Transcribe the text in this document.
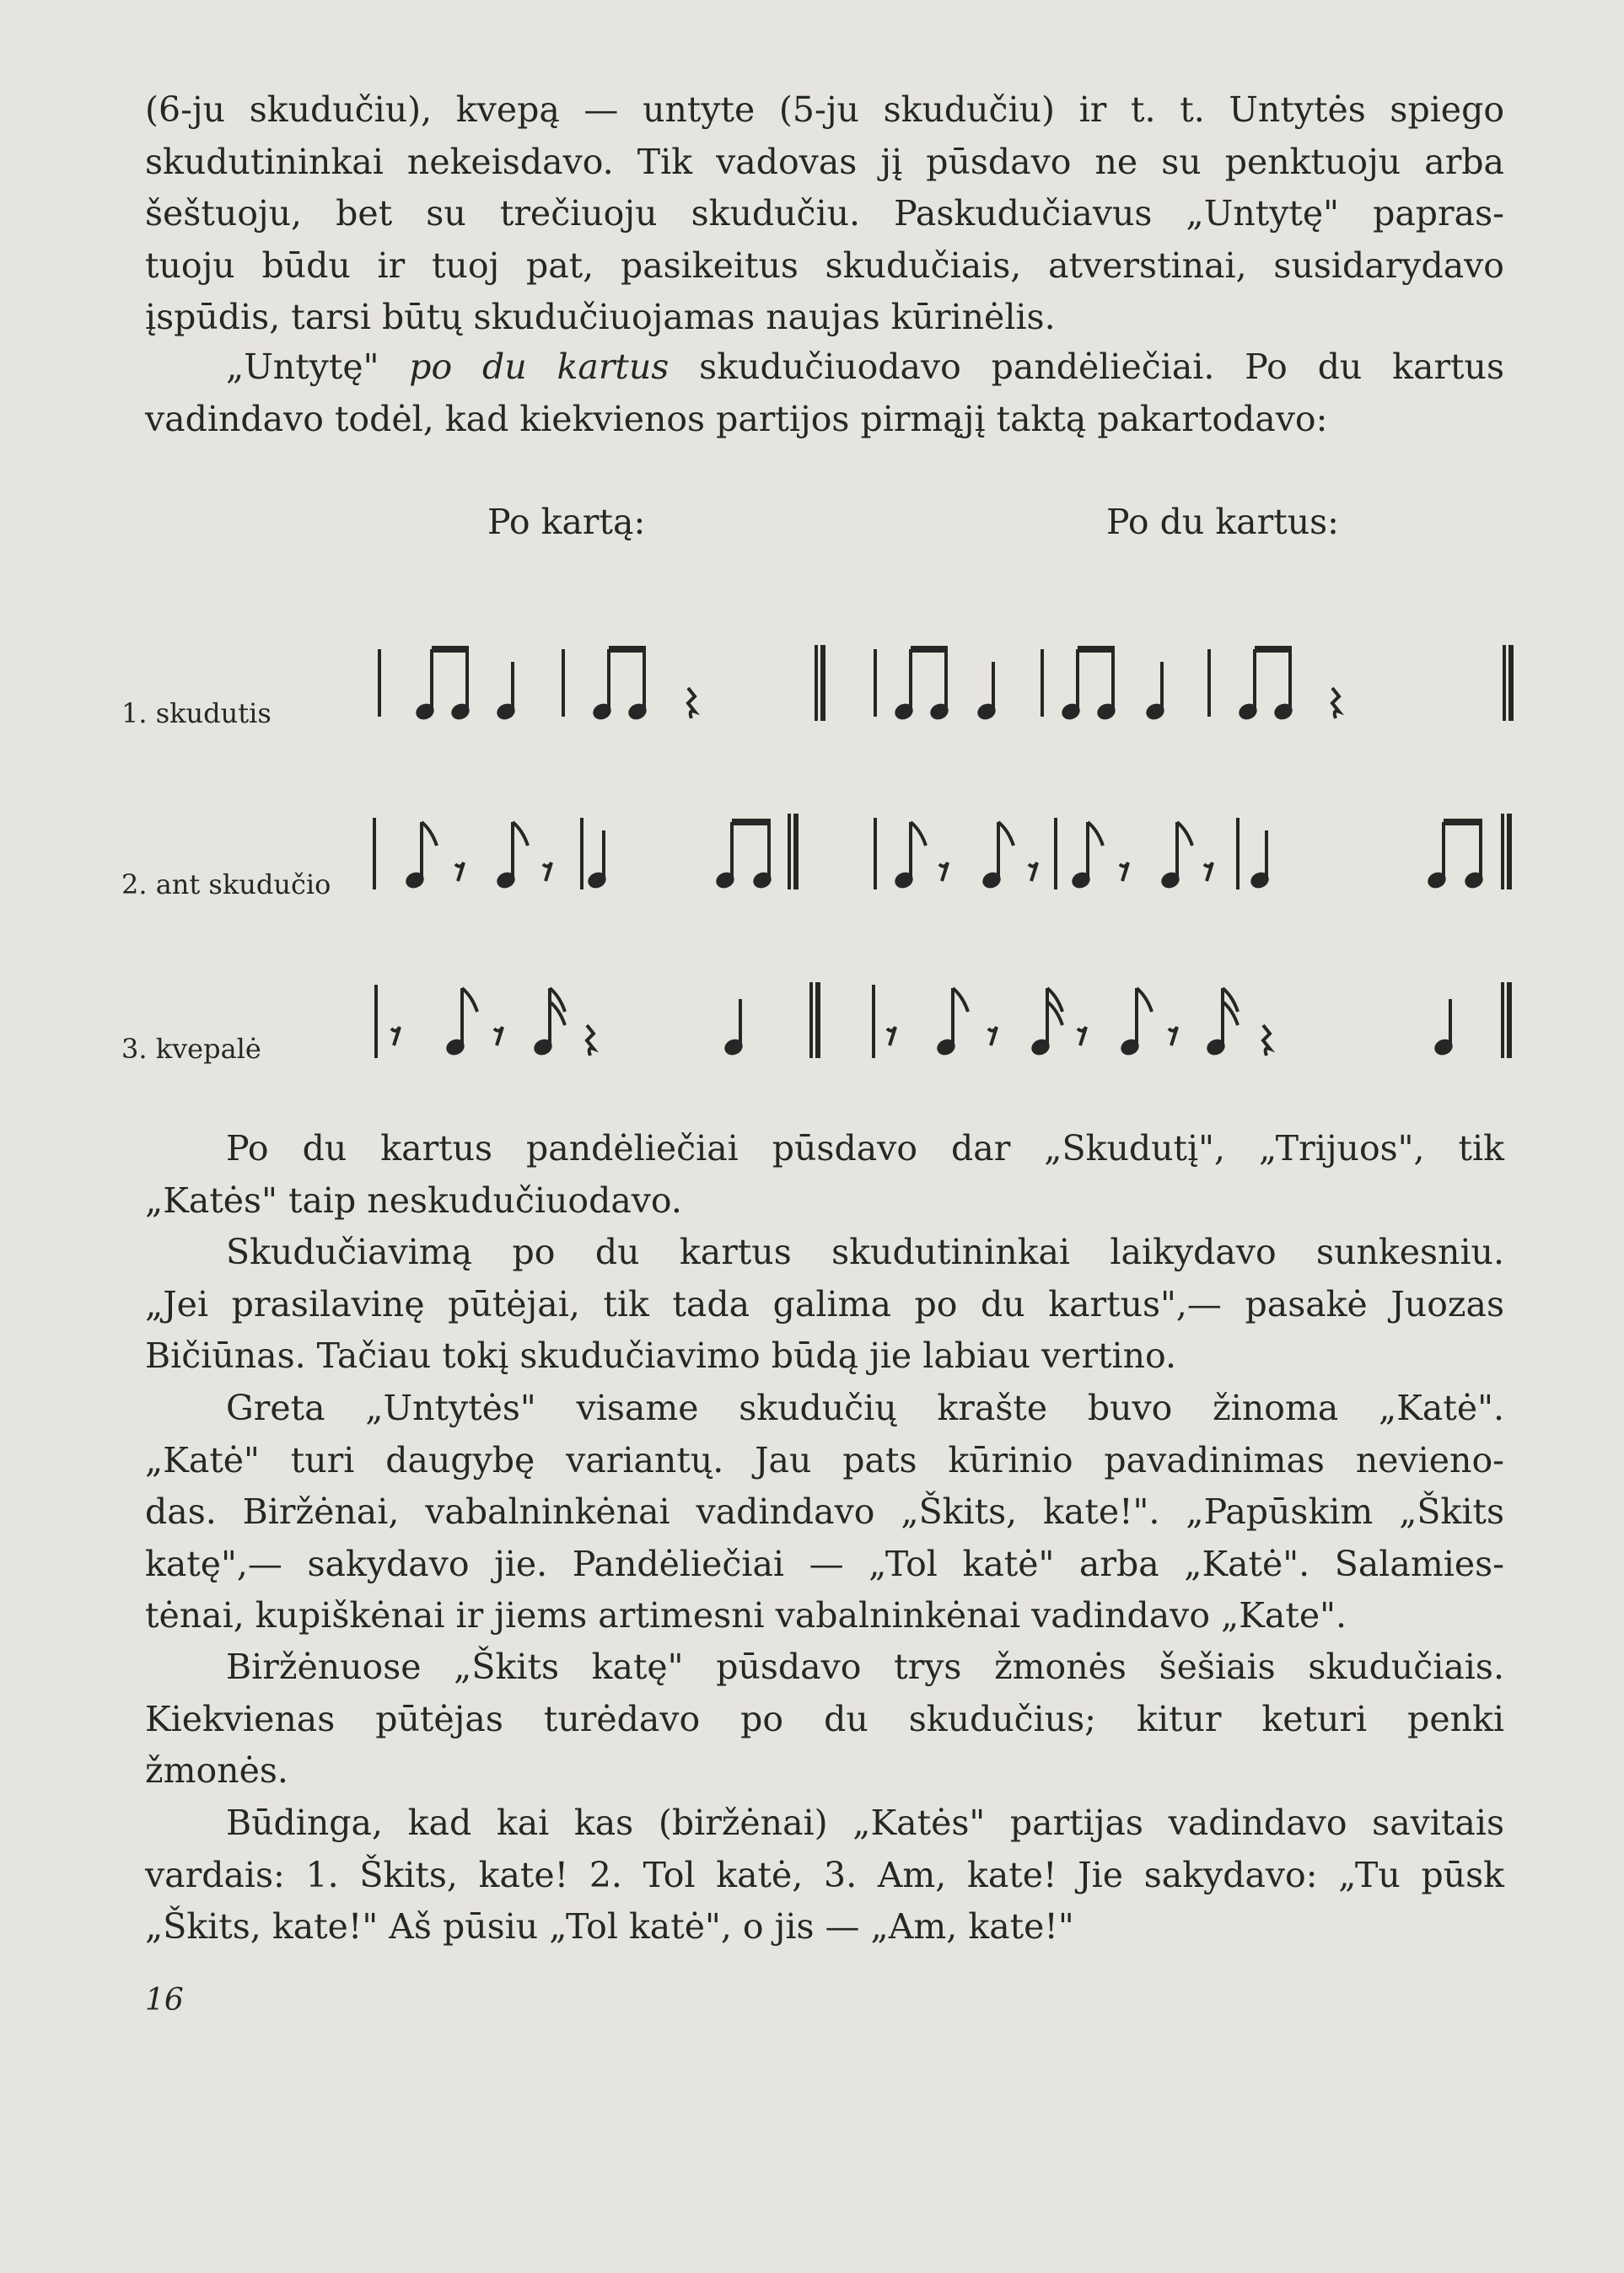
(6-ju skudučiu), kvepą — untyte (5-ju skudučiu) ir t. t. Untytės spiego
skudutininkai nekeisdavo. Tik vadovas jį pūsdavo ne su penktuoju arba
šeštuoju, bet su trečiuoju skudučiu. Paskudučiavus „Untytę" papras-
tuoju būdu ir tuoj pat, pasikeitus skudučiais, atverstinai, susidarydavo
įspūdis, tarsi būtų skudučiuojamas naujas kūrinėlis.
„Untytę" po du kartus skudučiuodavo pandėliečiai. Po du kartus
vadindavo todėl, kad kiekvienos partijos pirmąjį taktą pakartodavo:
Po kartą:	Po du kartus:
1. skudutis
2. ant skudučio
3. kvepalė
Po du kartus pandėliečiai pūsdavo dar „Skudutį", „Trijuos", tik
„Katės" taip neskudučiuodavo.
Skudučiavimą po du kartus skudutininkai laikydavo sunkesniu.
„Jei prasilavinę pūtėjai, tik tada galima po du kartus",— pasakė Juozas
Bičiūnas. Tačiau tokį skudučiavimo būdą jie labiau vertino.
Greta „Untytės" visame skudučių krašte buvo žinoma „Katė".
„Katė" turi daugybę variantų. Jau pats kūrinio pavadinimas nevieno-
das. Biržėnai, vabalninkėnai vadindavo „Škits, kate!". „Papūskim „Škits
katę",— sakydavo jie. Pandėliečiai — „Tol katė" arba „Katė". Salamies-
tėnai, kupiškėnai ir jiems artimesni vabalninkėnai vadindavo „Kate".
Biržėnuose „Škits katę" pūsdavo trys žmonės šešiais skudučiais.
Kiekvienas pūtėjas turėdavo po du skudučius; kitur keturi penki
žmonės.
Būdinga, kad kai kas (biržėnai) „Katės" partijas vadindavo savitais
vardais: 1. Škits, kate! 2. Tol katė, 3. Am, kate! Jie sakydavo: „Tu pūsk
„Škits, kate!" Aš pūsiu „Tol katė", o jis — „Am, kate!"
16
